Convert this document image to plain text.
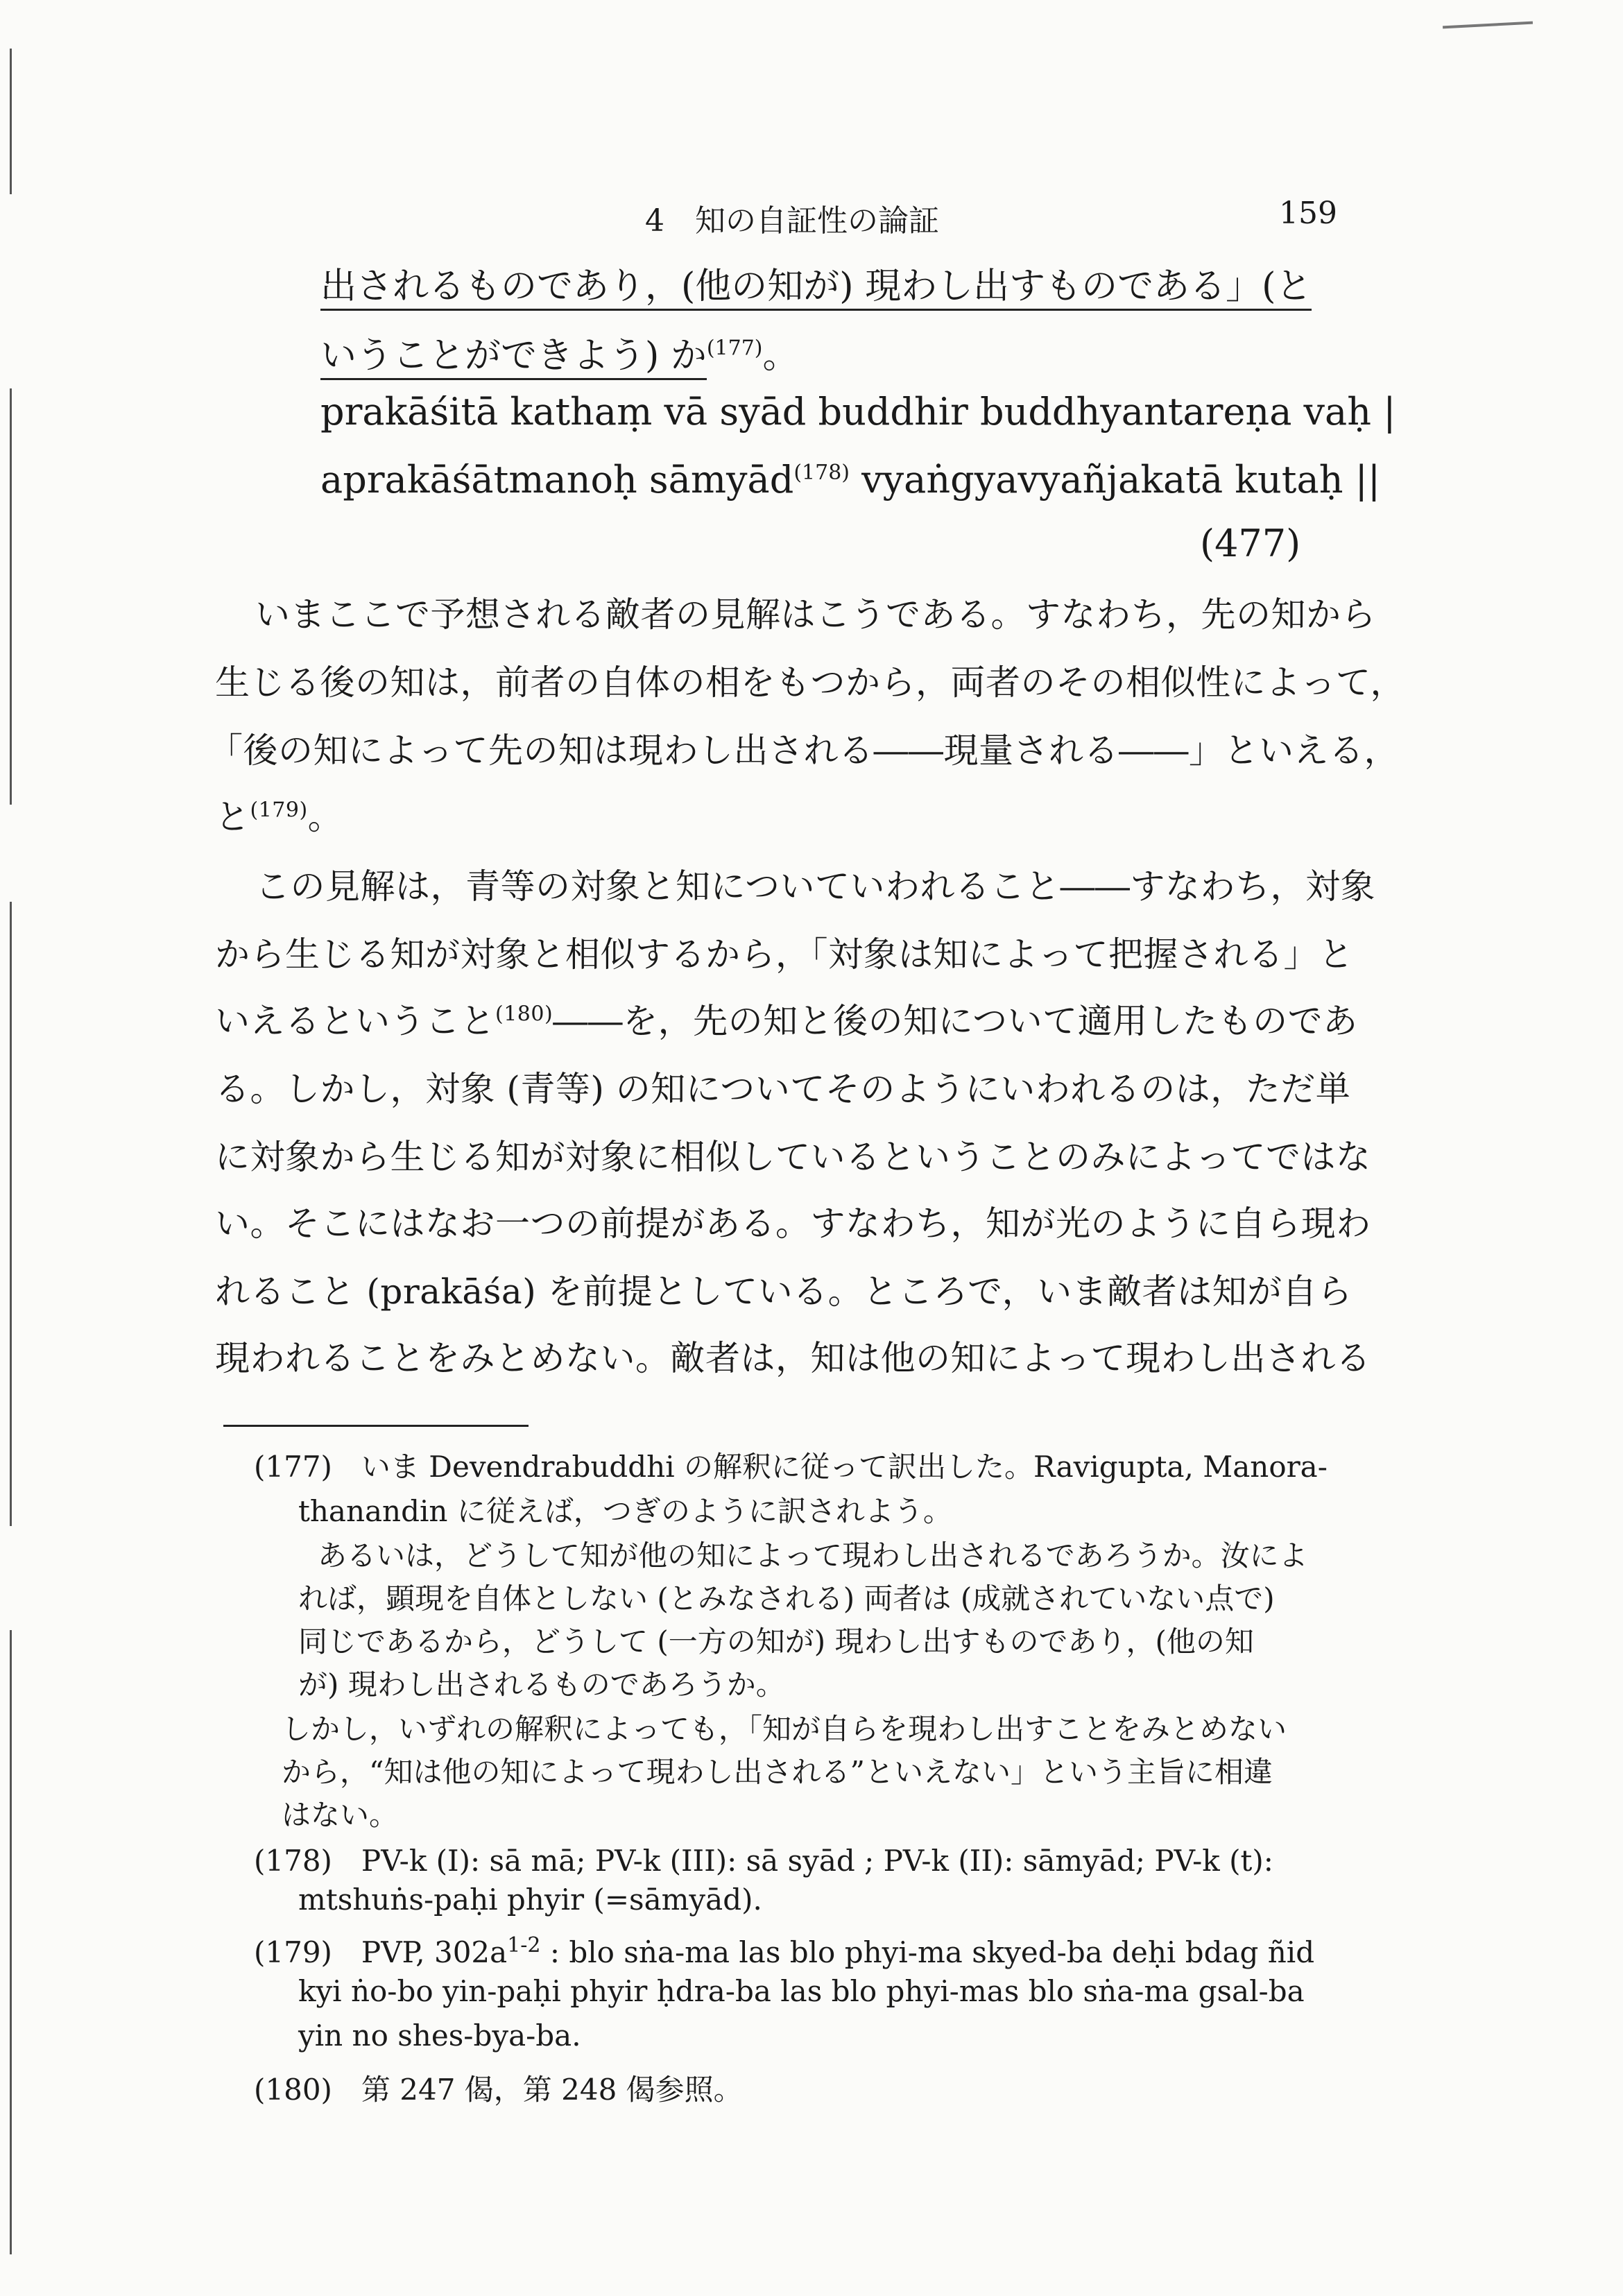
4　知の自証性の論証	159
出されるものであり，(他の知が) 現わし出すものである」(と
いうことができよう) か$^{(177)}$。
prakāśitā kathaṃ vā syād buddhir buddhyantareṇa vaḥ |
aprakāśātmanoḥ sāmyād$^{(178)}$ vyaṅgyavyañjakatā kutaḥ ||
(477)
いまここで予想される敵者の見解はこうである。すなわち，先の知から
生じる後の知は，前者の自体の相をもつから，両者のその相似性によって，
「後の知によって先の知は現わし出される――現量される――」といえる，
と$^{(179)}$。
この見解は，青等の対象と知についていわれること――すなわち，対象
から生じる知が対象と相似するから，「対象は知によって把握される」と
いえるということ$^{(180)}$――を，先の知と後の知について適用したものであ
る。しかし，対象 (青等) の知についてそのようにいわれるのは，ただ単
に対象から生じる知が対象に相似しているということのみによってではな
い。そこにはなお一つの前提がある。すなわち，知が光のように自ら現わ
れること (prakāśa) を前提としている。ところで，いま敵者は知が自ら
現われることをみとめない。敵者は，知は他の知によって現わし出される
(177)　いま Devendrabuddhi の解釈に従って訳出した。Ravigupta, Manora-
thanandin に従えば，つぎのように訳されよう。
あるいは，どうして知が他の知によって現わし出されるであろうか。汝によ
れば，顕現を自体としない (とみなされる) 両者は (成就されていない点で)
同じであるから，どうして (一方の知が) 現わし出すものであり，(他の知
が) 現わし出されるものであろうか。
しかし，いずれの解釈によっても，「知が自らを現わし出すことをみとめない
から，“知は他の知によって現わし出される”といえない」という主旨に相違
はない。
(178)　PV-k (I): sā mā; PV-k (III): sā syād ; PV-k (II): sāmyād; PV-k (t):
mtshuṅs-paḥi phyir (=sāmyād).
(179)　PVP, $302a^{1-2}$ : blo sṅa-ma las blo phyi-ma skyed-ba deḥi bdag ñid
kyi ṅo-bo yin-paḥi phyir ḥdra-ba las blo phyi-mas blo sṅa-ma gsal-ba
yin no shes-bya-ba.
(180)　第 247 偈，第 248 偈参照。
